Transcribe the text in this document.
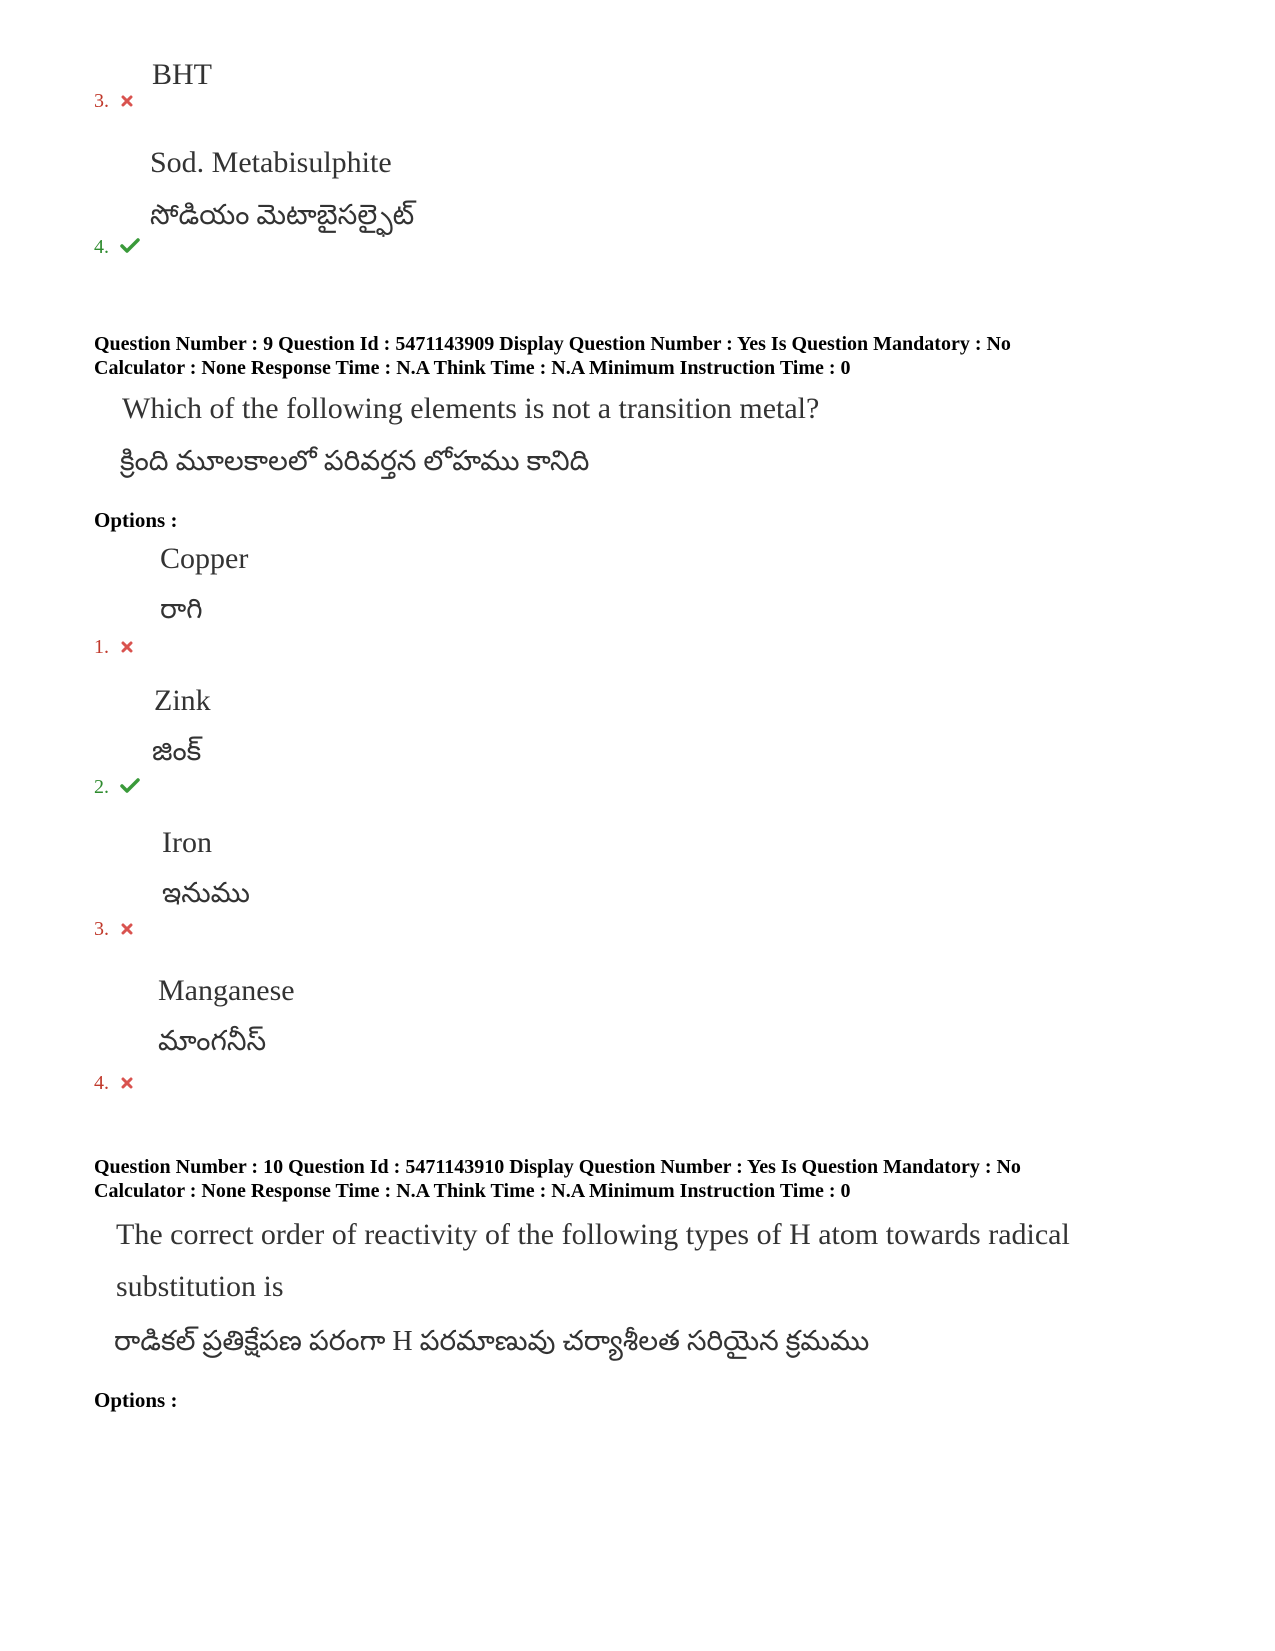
BHT
3.
Sod. Metabisulphite
సోడియం మెటాబైసల్ఫైట్
4.
Question Number : 9 Question Id : 5471143909 Display Question Number : Yes Is Question Mandatory : No
Calculator : None Response Time : N.A Think Time : N.A Minimum Instruction Time : 0
Which of the following elements is not a transition metal?
క్రింది మూలకాలలో పరివర్తన లోహము కానిది
Options :
Copper
రాగి
1.
Zink
జింక్
2.
Iron
ఇనుము
3.
Manganese
మాంగనీస్
4.
Question Number : 10 Question Id : 5471143910 Display Question Number : Yes Is Question Mandatory : No
Calculator : None Response Time : N.A Think Time : N.A Minimum Instruction Time : 0
The correct order of reactivity of the following types of H atom towards radical
substitution is
రాడికల్ ప్రతిక్షేపణ పరంగా H పరమాణువు చర్యాశీలత సరియైన క్రమము
Options :
